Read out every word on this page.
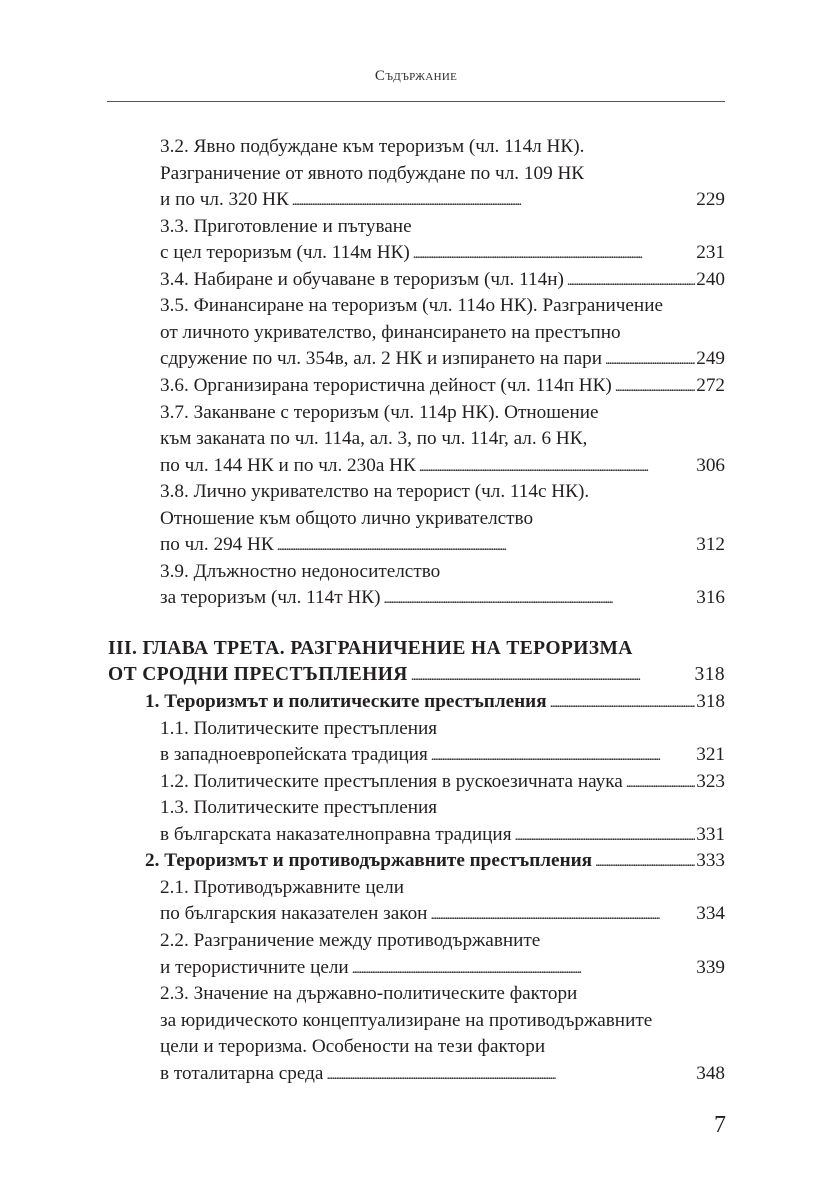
Съдържание
3.2. Явно подбуждане към тероризъм (чл. 114л НК).
Разграничение от явното подбуждане по чл. 109 НК
и по чл. 320 НК . . .	229
3.3. Приготовление и пътуване
с цел тероризъм (чл. 114м НК) . . .	231
3.4. Набиране и обучаване в тероризъм (чл. 114н) . . .	240
3.5. Финансиране на тероризъм (чл. 114о НК). Разграничение
от личното укривателство, финансирането на престъпно
сдружение по чл. 354в, ал. 2 НК и изпирането на пари . . .	249
3.6. Организирана терористична дейност (чл. 114п НК) . . .	272
3.7. Заканване с тероризъм (чл. 114р НК). Отношение
към заканата по чл. 114а, ал. 3, по чл. 114г, ал. 6 НК,
по чл. 144 НК и по чл. 230а НК . . .	306
3.8. Лично укривателство на терорист (чл. 114с НК).
Отношение към общото лично укривателство
по чл. 294 НК . . .	312
3.9. Длъжностно недоносителство
за тероризъм (чл. 114т НК) . . .	316
III. ГЛАВА ТРЕТА. РАЗГРАНИЧЕНИЕ НА ТЕРОРИЗМА
ОТ СРОДНИ ПРЕСТЪПЛЕНИЯ . . .	318
1. Тероризмът и политическите престъпления . . .	318
1.1. Политическите престъпления
в западноевропейската традиция . . .	321
1.2. Политическите престъпления в рускоезичната наука . . .	323
1.3. Политическите престъпления
в българската наказателноправна традиция . . .	331
2. Тероризмът и противодържавните престъпления . . .	333
2.1. Противодържавните цели
по българския наказателен закон . . .	334
2.2. Разграничение между противодържавните
и терористичните цели . . .	339
2.3. Значение на държавно-политическите фактори
за юридическото концептуализиране на противодържавните
цели и тероризма. Особености на тези фактори
в тоталитарна среда . . .	348
7
